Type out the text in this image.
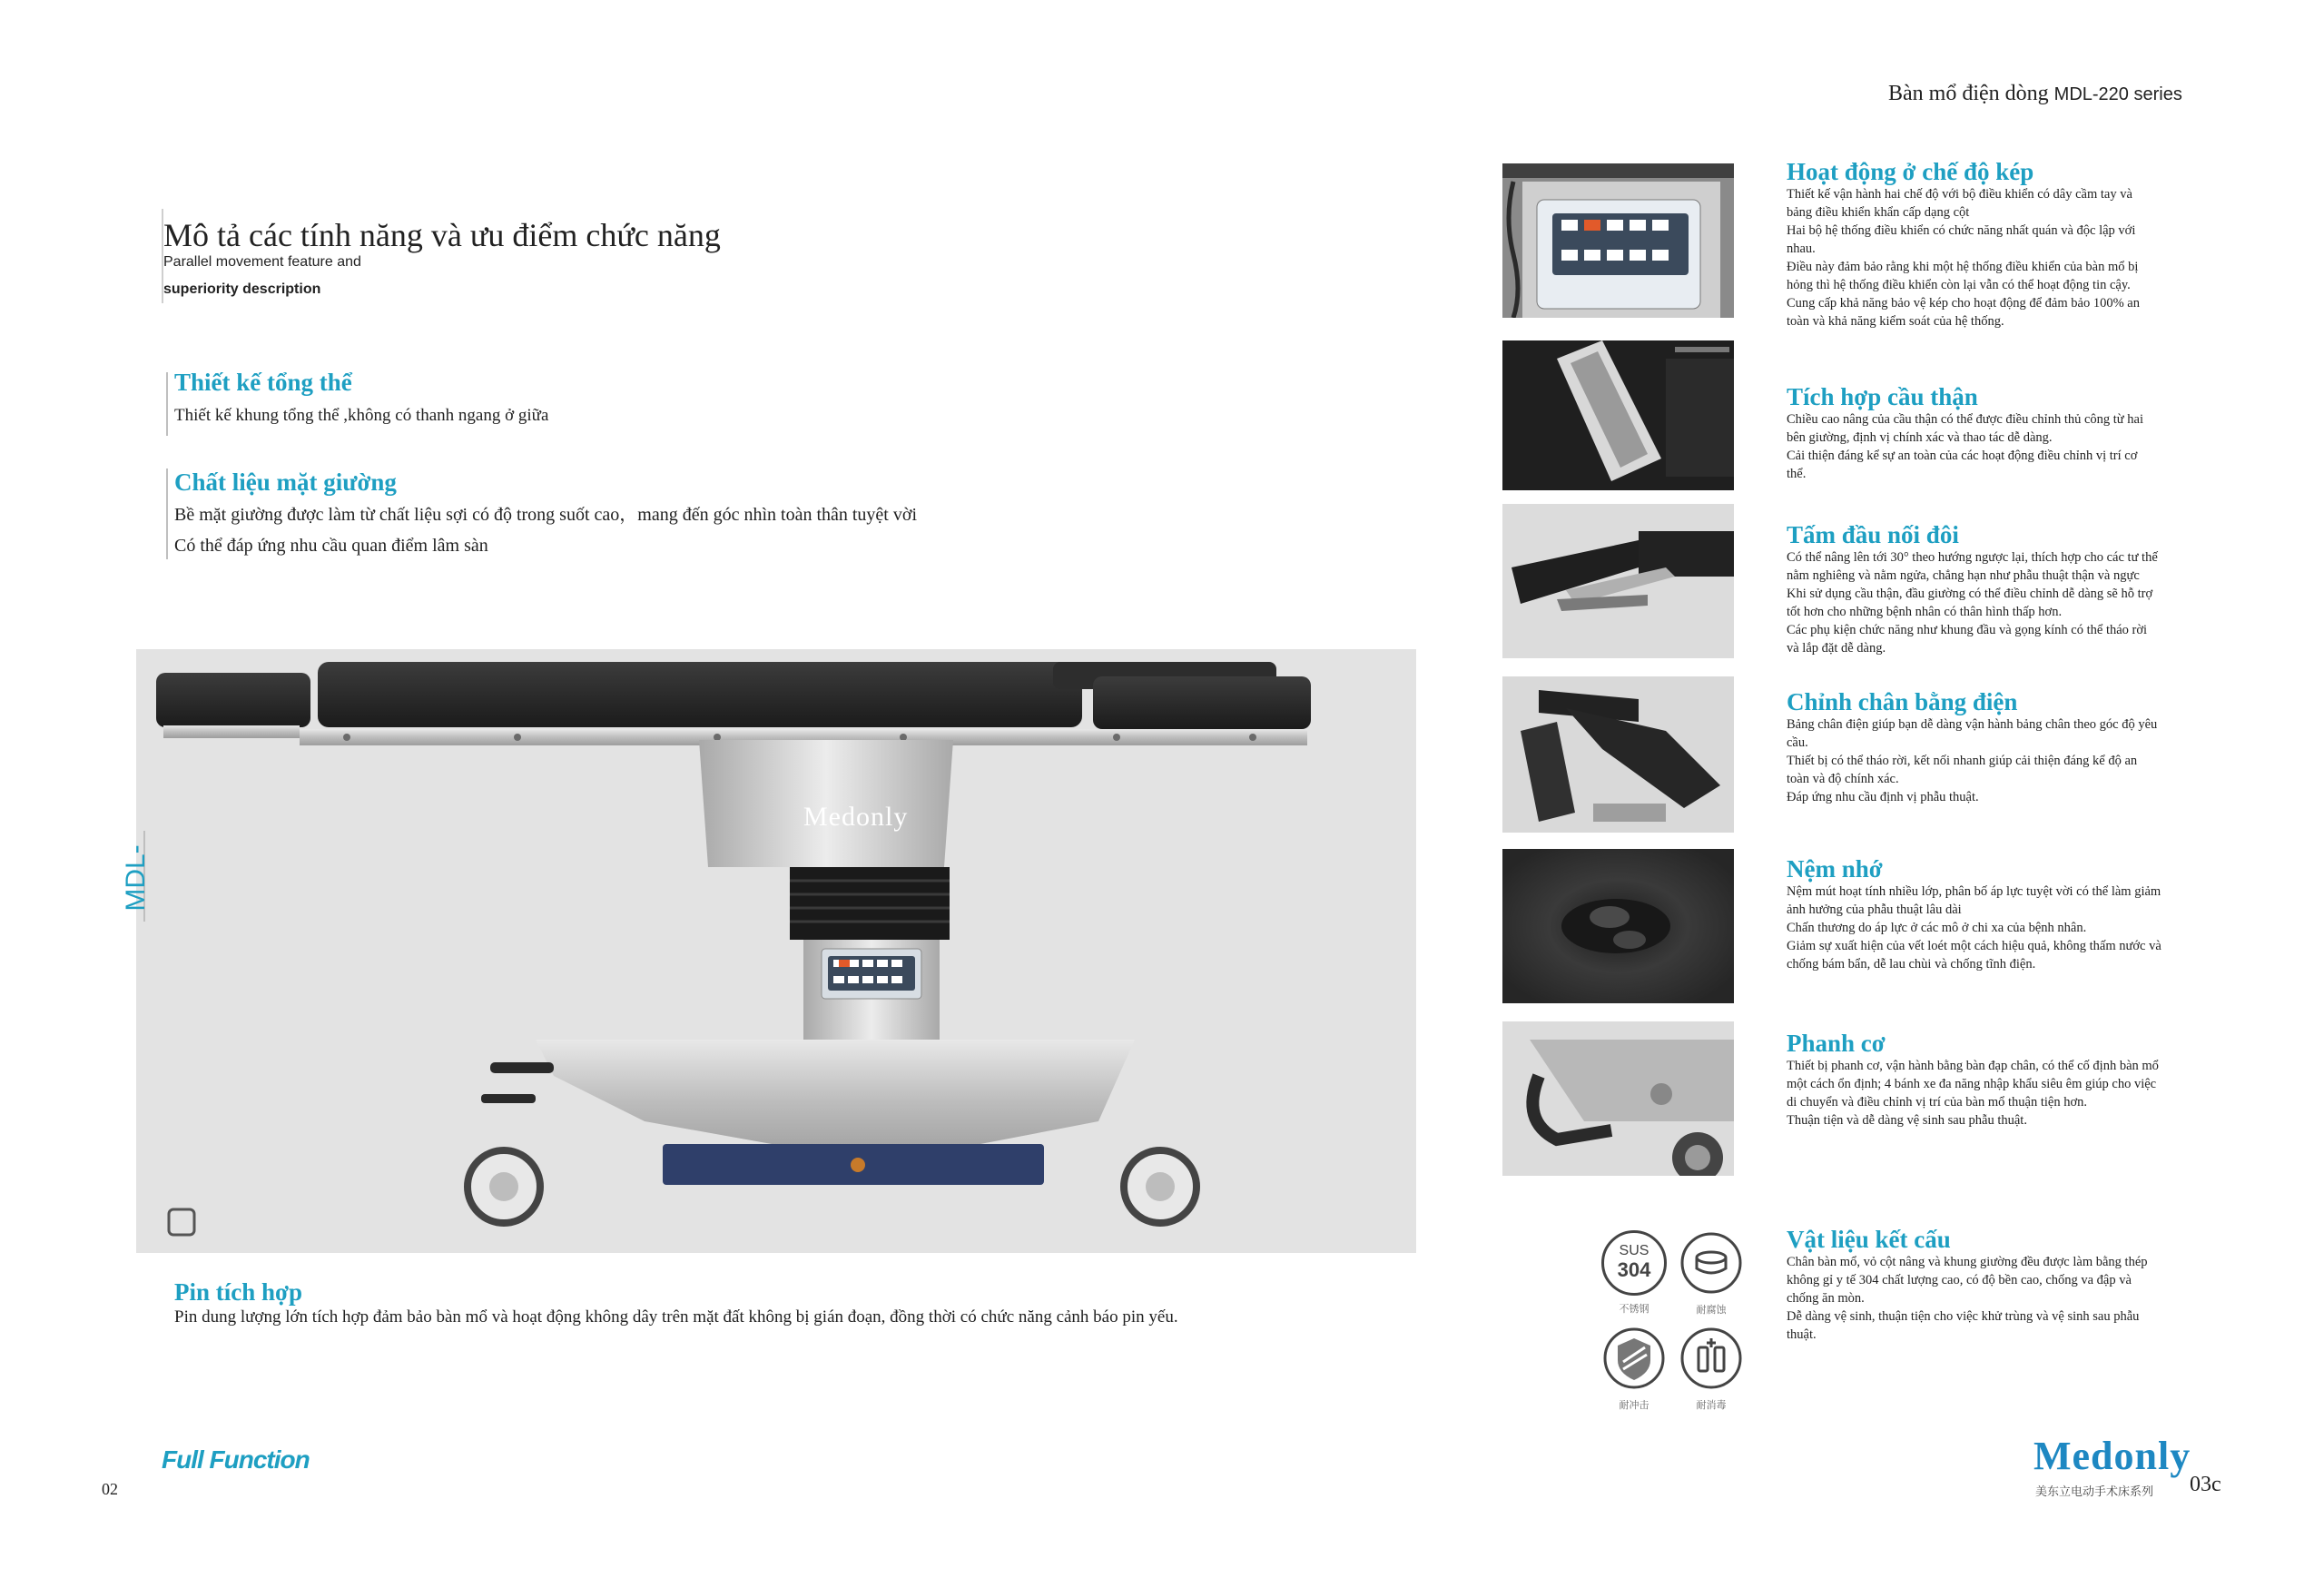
Bàn mổ điện dòng MDL-220 series
Mô tả các tính năng và ưu điểm chức năng
Parallel movement feature and
superiority description
Thiết kế tổng thể
Thiết kế khung tổng thể ,không có thanh ngang ở giữa
Chất liệu mặt giường
Bề mặt giường được làm từ chất liệu sợi có độ trong suốt cao，mang đến góc nhìn toàn thân tuyệt vời
Có thể đáp ứng nhu cầu quan điểm lâm sàn
Medonly
MDL-
Pin tích hợp
Pin dung lượng lớn tích hợp đảm bảo bàn mổ và hoạt động không dây trên mặt đất không bị gián đoạn, đồng thời có chức năng cảnh báo pin yếu.
Full Function
02
Hoạt động ở chế độ kép
Thiết kế vận hành hai chế độ với bộ điều khiển có dây cầm tay và
bảng điều khiển khẩn cấp dạng cột
Hai bộ hệ thống điều khiển có chức năng nhất quán và độc lập với
nhau.
Điều này đảm bảo rằng khi một hệ thống điều khiển của bàn mổ bị
hỏng thì hệ thống điều khiển còn lại vẫn có thể hoạt động tin cậy.
Cung cấp khả năng bảo vệ kép cho hoạt động để đảm bảo 100% an
toàn và khả năng kiểm soát của hệ thống.
Tích hợp cầu thận
Chiều cao nâng của cầu thận có thể được điều chỉnh thủ công từ hai
bên giường, định vị chính xác và thao tác dễ dàng.
Cải thiện đáng kể sự an toàn của các hoạt động điều chỉnh vị trí cơ
thể.
Tấm đầu nối đôi
Có thể nâng lên tới 30° theo hướng ngược lại, thích hợp cho các tư thế
nằm nghiêng và nằm ngửa, chẳng hạn như phẫu thuật thận và ngực
Khi sử dụng cầu thận, đầu giường có thể điều chỉnh dễ dàng sẽ hỗ trợ
tốt hơn cho những bệnh nhân có thân hình thấp hơn.
Các phụ kiện chức năng như khung đầu và gọng kính có thể tháo rời
và lắp đặt dễ dàng.
Chỉnh chân bằng điện
Bảng chân điện giúp bạn dễ dàng vận hành bảng chân theo góc độ yêu
cầu.
Thiết bị có thể tháo rời, kết nối nhanh giúp cải thiện đáng kể độ an
toàn và độ chính xác.
Đáp ứng nhu cầu định vị phẫu thuật.
Nệm nhớ
Nệm mút hoạt tính nhiều lớp, phân bố áp lực tuyệt vời có thể làm giảm
ảnh hưởng của phẫu thuật lâu dài
Chấn thương do áp lực ở các mô ở chi xa của bệnh nhân.
Giảm sự xuất hiện của vết loét một cách hiệu quả, không thấm nước và
chống bám bẩn, dễ lau chùi và chống tĩnh điện.
Phanh cơ
Thiết bị phanh cơ, vận hành bằng bàn đạp chân, có thể cố định bàn mổ
một cách ổn định; 4 bánh xe đa năng nhập khẩu siêu êm giúp cho việc
di chuyển và điều chỉnh vị trí của bàn mổ thuận tiện hơn.
Thuận tiện và dễ dàng vệ sinh sau phẫu thuật.
Vật liệu kết cấu
Chân bàn mổ, vỏ cột nâng và khung giường đều được làm bằng thép
không gỉ y tế 304 chất lượng cao, có độ bền cao, chống va đập và
chống ăn mòn.
Dễ dàng vệ sinh, thuận tiện cho việc khử trùng và vệ sinh sau phẫu
thuật.
SUS
304
不锈钢	耐腐蚀
耐冲击	耐消毒
Medonly
美东立电动手术床系列 03c
